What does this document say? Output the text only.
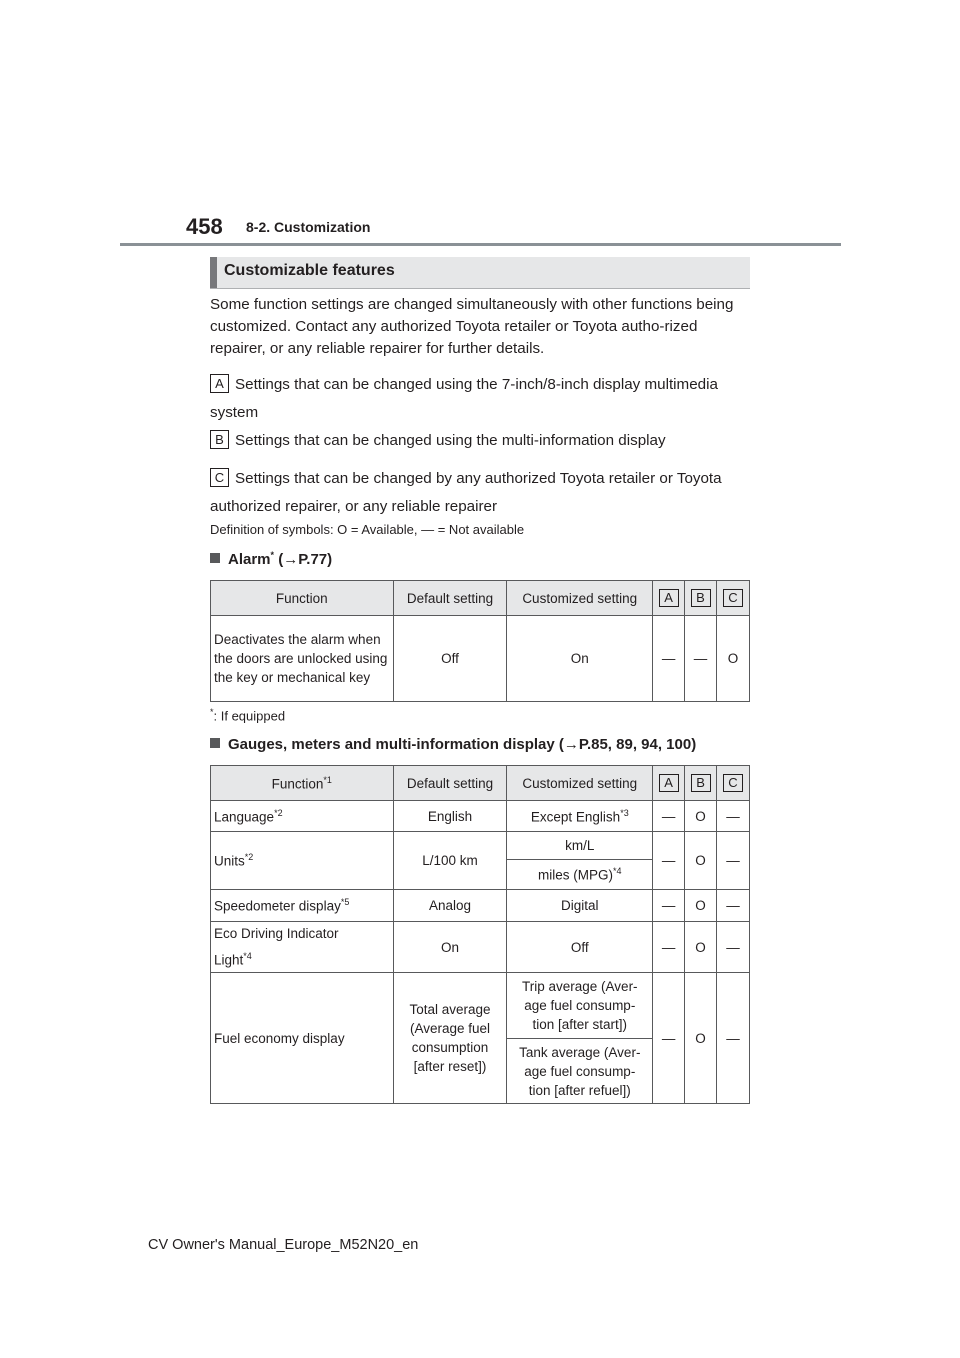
458 8-2. Customization
Customizable features
Some function settings are changed simultaneously with other functions being customized. Contact any authorized Toyota retailer or Toyota autho-rized repairer, or any reliable repairer for further details.
A Settings that can be changed using the 7-inch/8-inch display multimedia system
B Settings that can be changed using the multi-information display
C Settings that can be changed by any authorized Toyota retailer or Toyota authorized repairer, or any reliable repairer
Definition of symbols: O = Available, — = Not available
Alarm* (→P.77)
Function	Default setting	Customized setting	A	B	C
Deactivates the alarm when the doors are unlocked using the key or mechanical key	Off	On	—	—	O
*: If equipped
Gauges, meters and multi-information display (→P.85, 89, 94, 100)
Function$^{*1}$	Default setting	Customized setting	A	B	C
Language$^{*2}$	English	Except English$^{*3}$	—	O	—
Units$^{*2}$	L/100 km	km/L	—	O	—
		miles (MPG)$^{*4}$
Speedometer display$^{*5}$	Analog	Digital	—	O	—
Eco Driving Indicator Light$^{*4}$	On	Off	—	O	—
Fuel economy display	Total average (Average fuel consumption [after reset])	Trip average (Aver-age fuel consump-tion [after start])	—	O	—
		Tank average (Aver-age fuel consump-tion [after refuel])			
CV Owner's Manual_Europe_M52N20_en
